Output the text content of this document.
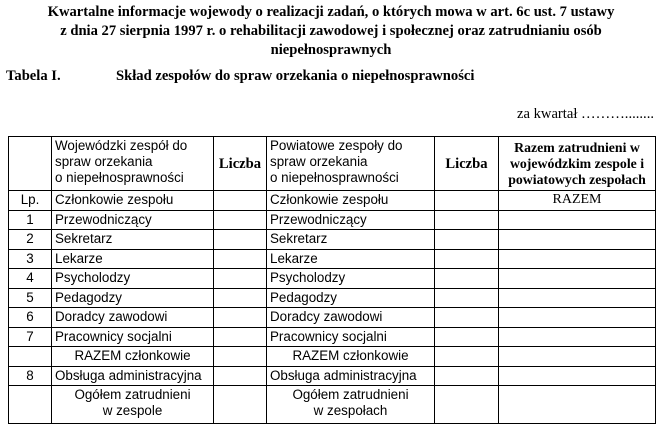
Kwartalne informacje wojewody o realizacji zadań, o których mowa w art. 6c ust. 7 ustawy
z dnia 27 sierpnia 1997 r. o rehabilitacji zawodowej i społecznej oraz zatrudnianiu osób
niepełnosprawnych
Tabela I.	Skład zespołów do spraw orzekania o niepełnosprawności
za kwartał ………........
	Wojewódzki zespół do
spraw orzekania
o niepełnosprawności	Liczba	Powiatowe zespoły do
spraw orzekania
o niepełnosprawności	Liczba	Razem zatrudnieni w wojewódzkim zespole i powiatowych zespołach
Lp.	Członkowie zespołu		Członkowie zespołu		RAZEM
1	Przewodniczący		Przewodniczący		
2	Sekretarz		Sekretarz		
3	Lekarze		Lekarze		
4	Psycholodzy		Psycholodzy		
5	Pedagodzy		Pedagodzy		
6	Doradcy zawodowi		Doradcy zawodowi		
7	Pracownicy socjalni		Pracownicy socjalni		
	RAZEM członkowie		RAZEM członkowie		
8	Obsługa administracyjna		Obsługa administracyjna		
	Ogółem zatrudnieni
w zespole		Ogółem zatrudnieni
w zespołach		
